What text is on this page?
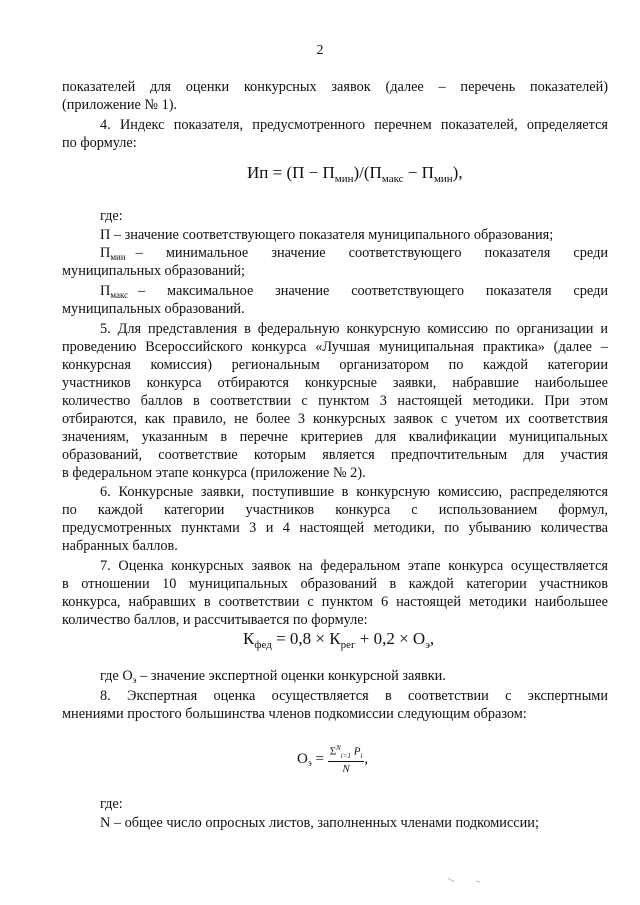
2
показателей для оценки конкурсных заявок (далее – перечень показателей)
(приложение № 1).
4. Индекс показателя, предусмотренного перечнем показателей, определяется
по формуле:
Ип = $(П - П_{мин})/(П_{макс} - П_{мин})$,
где:
П – значение соответствующего показателя муниципального образования;
$П_{мин}$ – минимальное значение соответствующего показателя среди
муниципальных образований;
$П_{макс}$ – максимальное значение соответствующего показателя среди
муниципальных образований.
5. Для представления в федеральную конкурсную комиссию по организации и
проведению Всероссийского конкурса «Лучшая муниципальная практика» (далее –
конкурсная комиссия) региональным организатором по каждой категории
участников конкурса отбираются конкурсные заявки, набравшие наибольшее
количество баллов в соответствии с пунктом 3 настоящей методики. При этом
отбираются, как правило, не более 3 конкурсных заявок с учетом их соответствия
значениям, указанным в перечне критериев для квалификации муниципальных
образований, соответствие которым является предпочтительным для участия
в федеральном этапе конкурса (приложение № 2).
6. Конкурсные заявки, поступившие в конкурсную комиссию, распределяются
по каждой категории участников конкурса с использованием формул,
предусмотренных пунктами 3 и 4 настоящей методики, по убыванию количества
набранных баллов.
7. Оценка конкурсных заявок на федеральном этапе конкурса осуществляется
в отношении 10 муниципальных образований в каждой категории участников
конкурса, набравших в соответствии с пунктом 6 настоящей методики наибольшее
количество баллов, и рассчитывается по формуле:
$К_{фед} = 0,8 \times К_{рег} + 0,2 \times О_э$,
где $О_э$ – значение экспертной оценки конкурсной заявки.
8. Экспертная оценка осуществляется в соответствии с экспертными
мнениями простого большинства членов подкомиссии следующим образом:
$О_э = \frac{\Sigma^N_{i=1} P_i}{N}$ ,
где:
N – общее число опросных листов, заполненных членами подкомиссии;
